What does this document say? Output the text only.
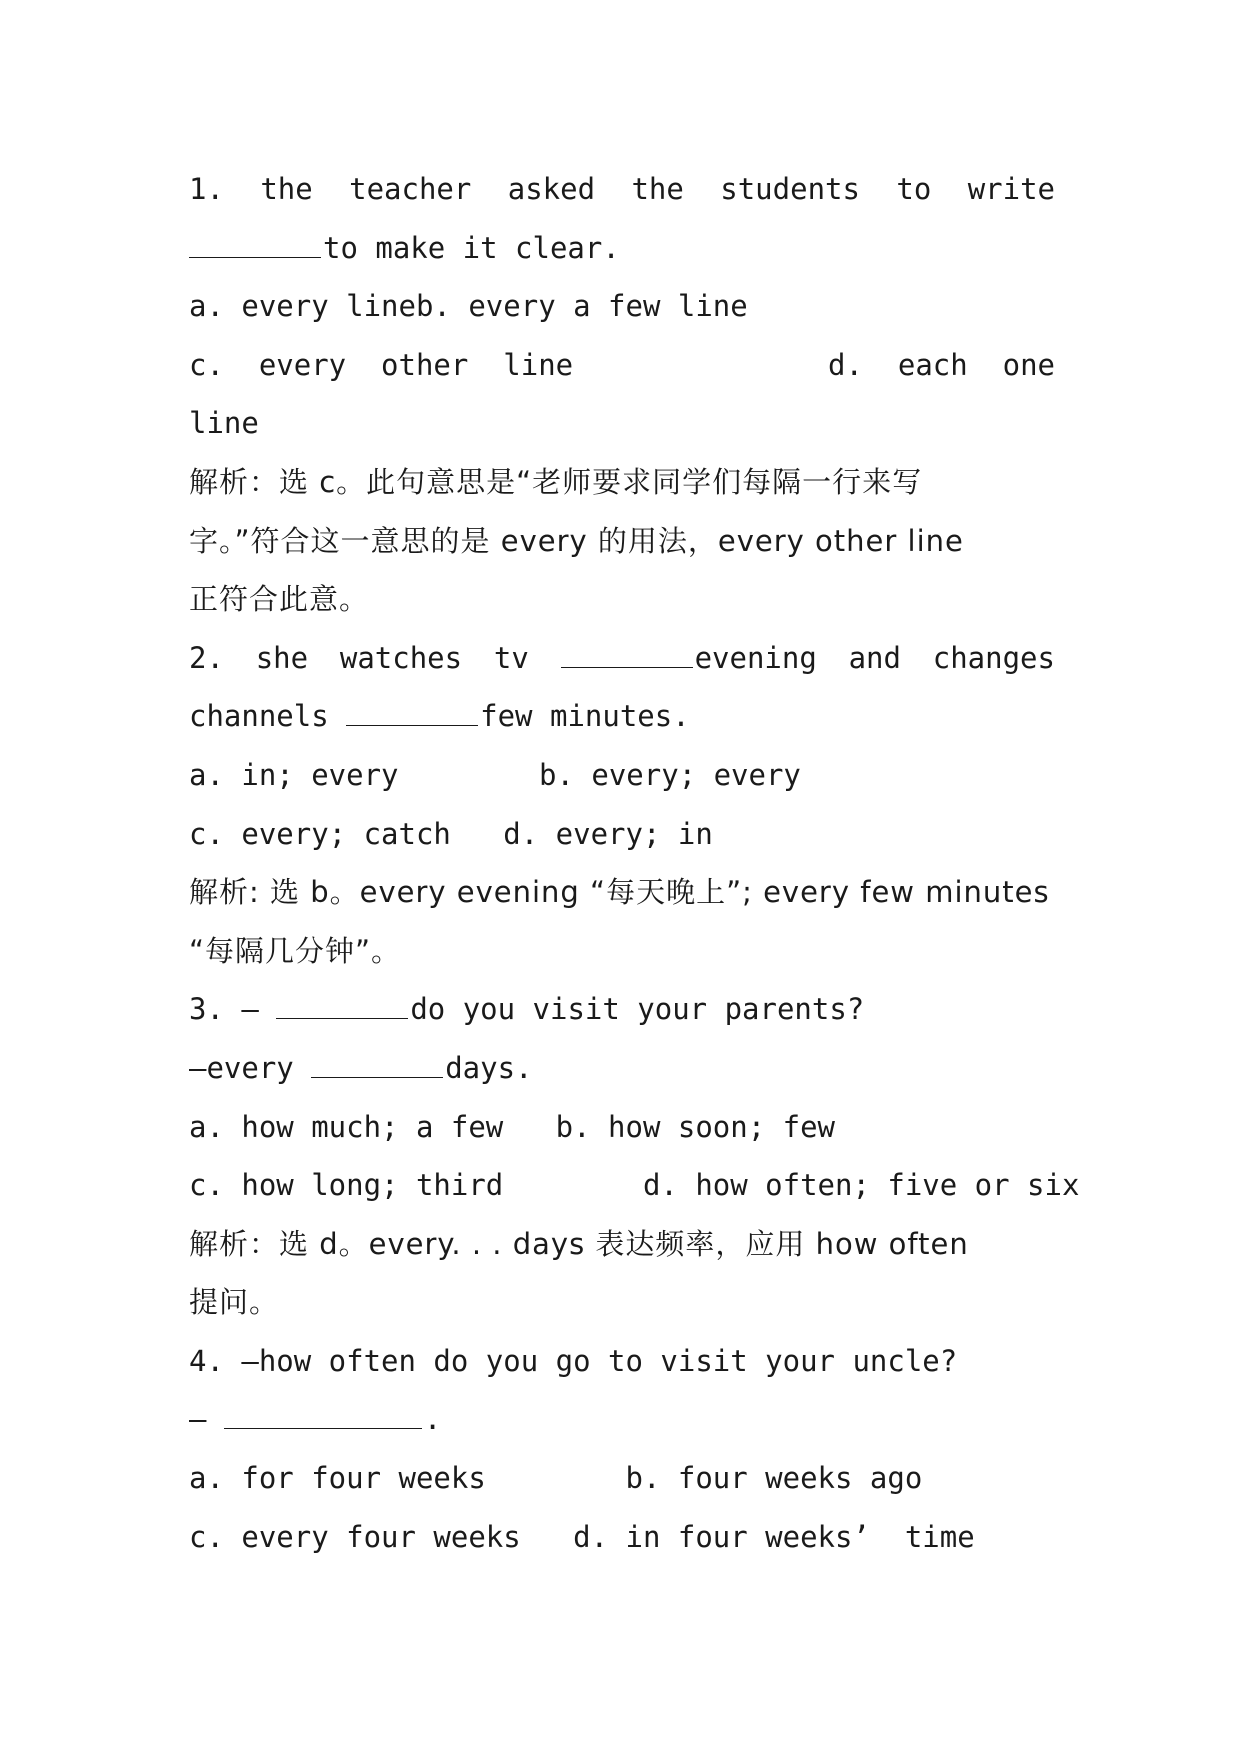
1. the teacher asked the students to write
to make it clear.
a. every lineb. every a few line
c.  every  other  line	d.  each  one
line
解析：选 c。此句意思是“老师要求同学们每隔一行来写
字。”符合这一意思的是 every 的用法，every other line
正符合此意。
2. she watches tv	evening and changes
channels	few minutes.
a. in; every	b. every; every
c. every; catch   d. every; in
解析: 选 b。every evening “每天晚上”; every few minutes
“每隔几分钟”。
3. —	do you visit your parents?
—every	days.
a. how much; a few   b. how soon; few
c. how long; third        d. how often; five or six
解析：选 d。every. . . days 表达频率，应用 how often
提问。
4. —how often do you go to visit your uncle?
—	.
a. for four weeks        b. four weeks ago
c. every four weeks   d. in four weeks’  time
